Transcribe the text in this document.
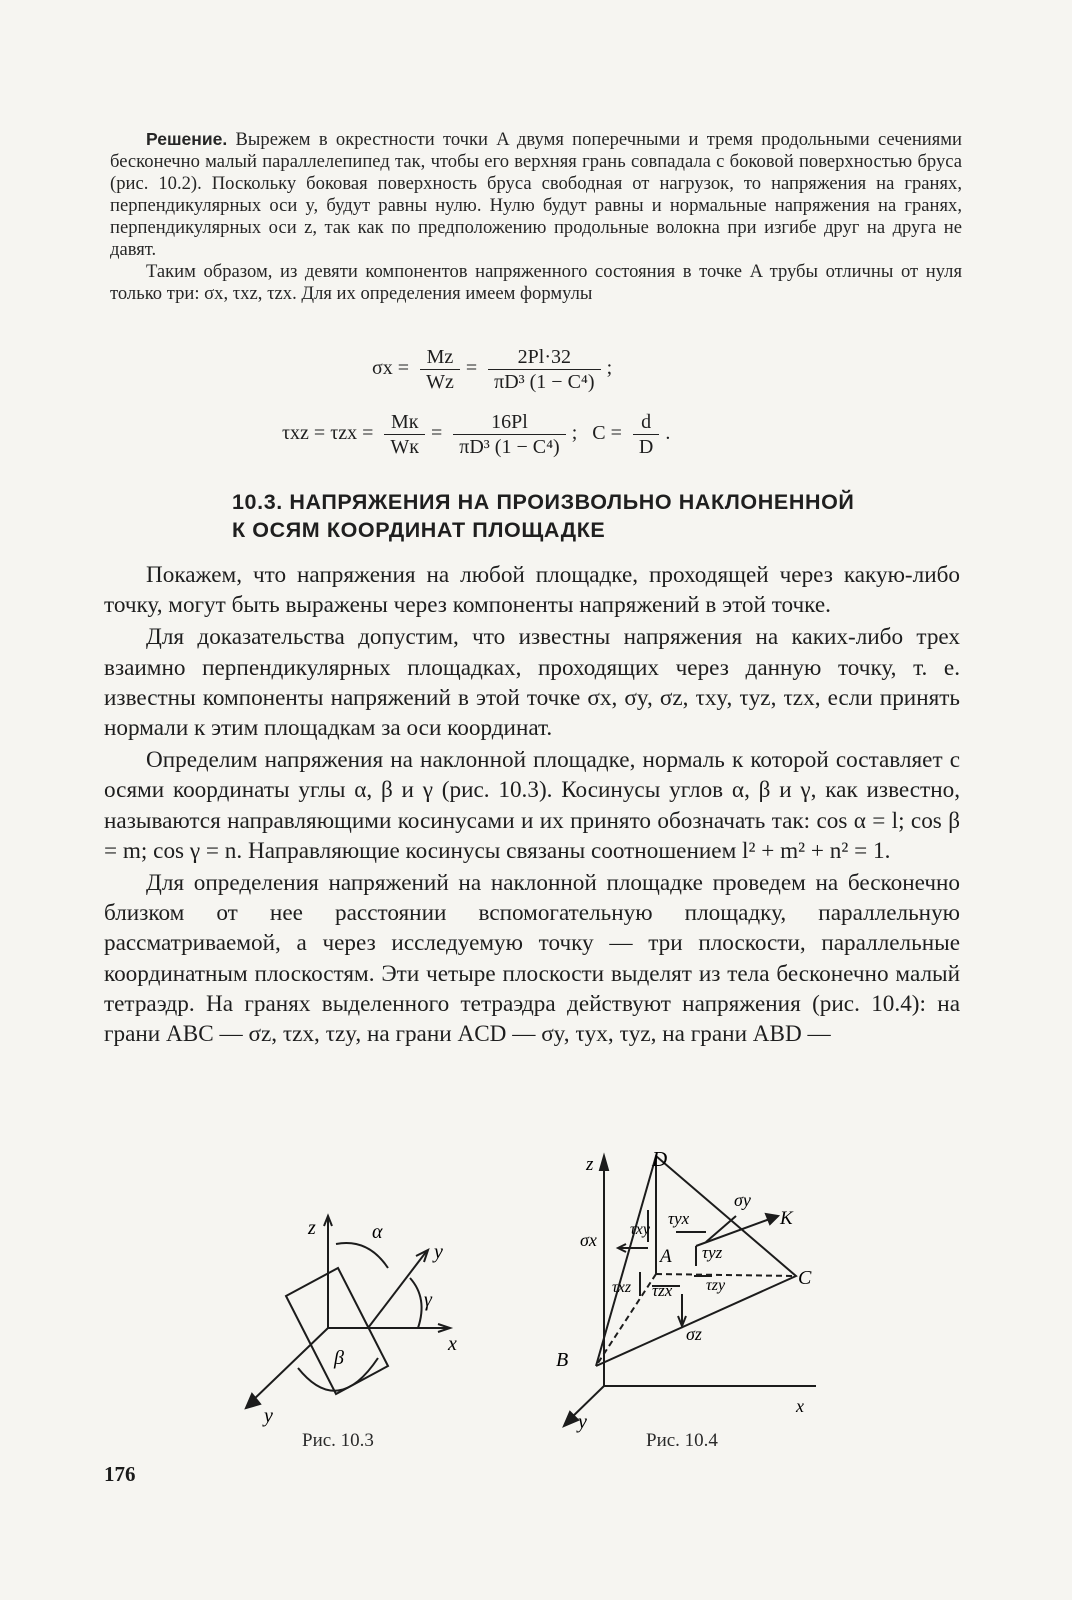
Решение. Вырежем в окрестности точки A двумя поперечными и тремя продольными сечениями бесконечно малый параллелепипед так, чтобы его верхняя грань совпадала с боковой поверхностью бруса (рис. 10.2). Поскольку боковая поверхность бруса свободная от нагрузок, то напряжения на гранях, перпендикулярных оси y, будут равны нулю. Нулю будут равны и нормальные напряжения на гранях, перпендикулярных оси z, так как по предположению продольные волокна при изгибе друг на друга не давят.

Таким образом, из девяти компонентов напряженного состояния в точке A трубы отличны от нуля только три: σx, τxz, τzx. Для их определения имеем формулы

$\sigma x = \frac{Mz}{Wz} = \frac{2Pl\cdot 32}{\text{πD³ (1 − C⁴)}}$ ;
$\tau xz = \tau zx = \frac{Mк}{Wк} = \frac{16Pl}{\text{πD³ (1 − C⁴)}}$ ;   $C = \frac{d}{D}$ .
10.3. НАПРЯЖЕНИЯ НА ПРОИЗВОЛЬНО НАКЛОНЕННОЙ
К ОСЯМ КООРДИНАТ ПЛОЩАДКЕ

Покажем, что напряжения на любой площадке, проходящей через какую-либо точку, могут быть выражены через компоненты напряжений в этой точке.

Для доказательства допустим, что известны напряжения на каких-либо трех взаимно перпендикулярных площадках, проходящих через данную точку, т. е. известны компоненты напряжений в этой точке σx, σy, σz, τxy, τyz, τzx, если принять нормали к этим площадкам за оси координат.

Определим напряжения на наклонной площадке, нормаль к которой составляет с осями координаты углы α, β и γ (рис. 10.3). Косинусы углов α, β и γ, как известно, называются направляющими косинусами и их принято обозначать так: cos α = l; cos β = m; cos γ = n. Направляющие косинусы связаны соотношением l² + m² + n² = 1.

Для определения напряжений на наклонной площадке проведем на бесконечно близком от нее расстоянии вспомогательную площадку, параллельную рассматриваемой, а через исследуемую точку — три плоскости, параллельные координатным плоскостям. Эти четыре плоскости выделят из тела бесконечно малый тетраэдр. На гранях выделенного тетраэдра действуют напряжения (рис. 10.4): на грани ABC — σz, τzx, τzy, на грани ACD — σy, τyx, τyz, на грани ABD —

z
y
x
y
α
γ
β
Рис. 10.3
z	D
σy
K
σx
τxy
τyx
A τyz
C
τxz τzx τzy
σz
B
x
y
Рис. 10.4
176
